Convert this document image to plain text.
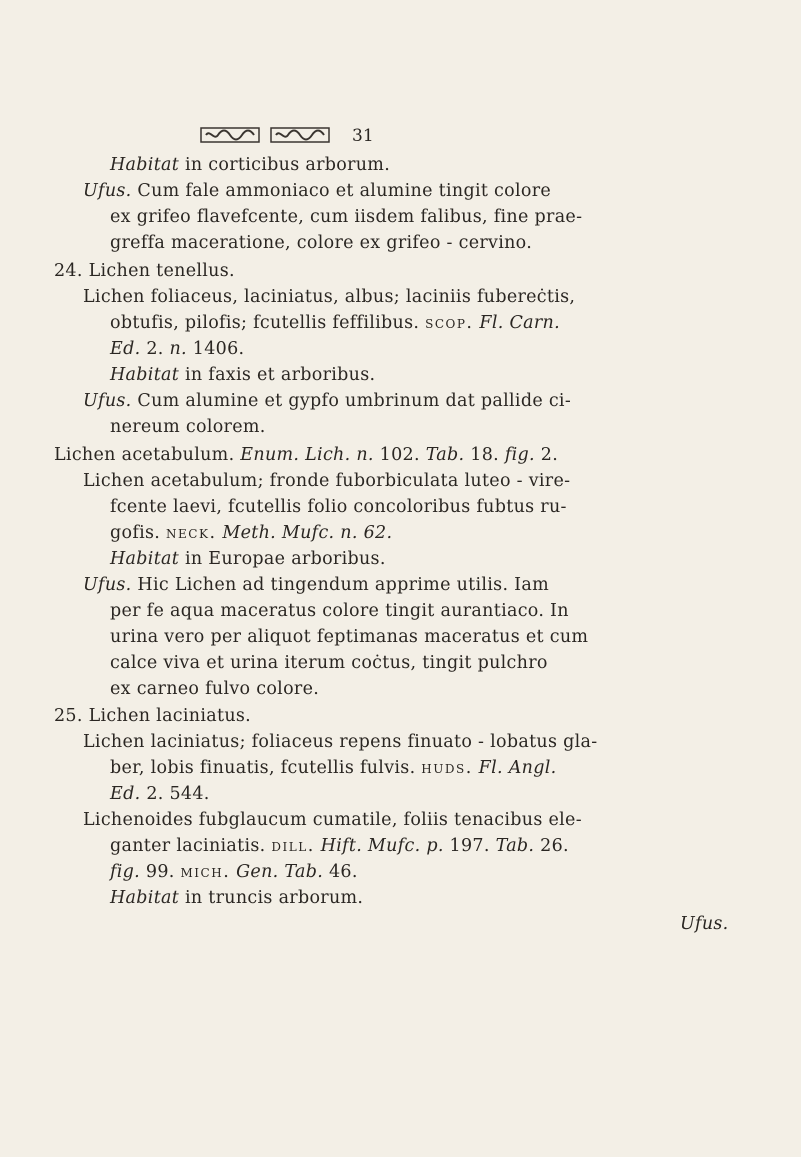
31
Habitat in corticibus arborum.
Ufus. Cum fale ammoniaco et alumine tingit colore
ex grifeo flavefcente, cum iisdem falibus, fine prae-
greffa maceratione, colore ex grifeo - cervino.
24. Lichen tenellus.
Lichen foliaceus, laciniatus, albus; laciniis fubereċtis,
obtufis, pilofis; fcutellis feffilibus. scop. Fl. Carn.
Ed. 2. n. 1406.
Habitat in faxis et arboribus.
Ufus. Cum alumine et gypfo umbrinum dat pallide ci-
nereum colorem.
Lichen acetabulum. Enum. Lich. n. 102. Tab. 18. fig. 2.
Lichen acetabulum; fronde fuborbiculata luteo - vire-
fcente laevi, fcutellis folio concoloribus fubtus ru-
gofis. neck. Meth. Mufc. n. 62.
Habitat in Europae arboribus.
Ufus. Hic Lichen ad tingendum apprime utilis. Iam
per fe aqua maceratus colore tingit aurantiaco. In
urina vero per aliquot feptimanas maceratus et cum
calce viva et urina iterum coċtus, tingit pulchro
ex carneo fulvo colore.
25. Lichen laciniatus.
Lichen laciniatus; foliaceus repens finuato - lobatus gla-
ber, lobis finuatis, fcutellis fulvis. huds. Fl. Angl.
Ed. 2. 544.
Lichenoides fubglaucum cumatile, foliis tenacibus ele-
ganter laciniatis. dill. Hift. Mufc. p. 197. Tab. 26.
fig. 99. mich. Gen. Tab. 46.
Habitat in truncis arborum.
Ufus.
